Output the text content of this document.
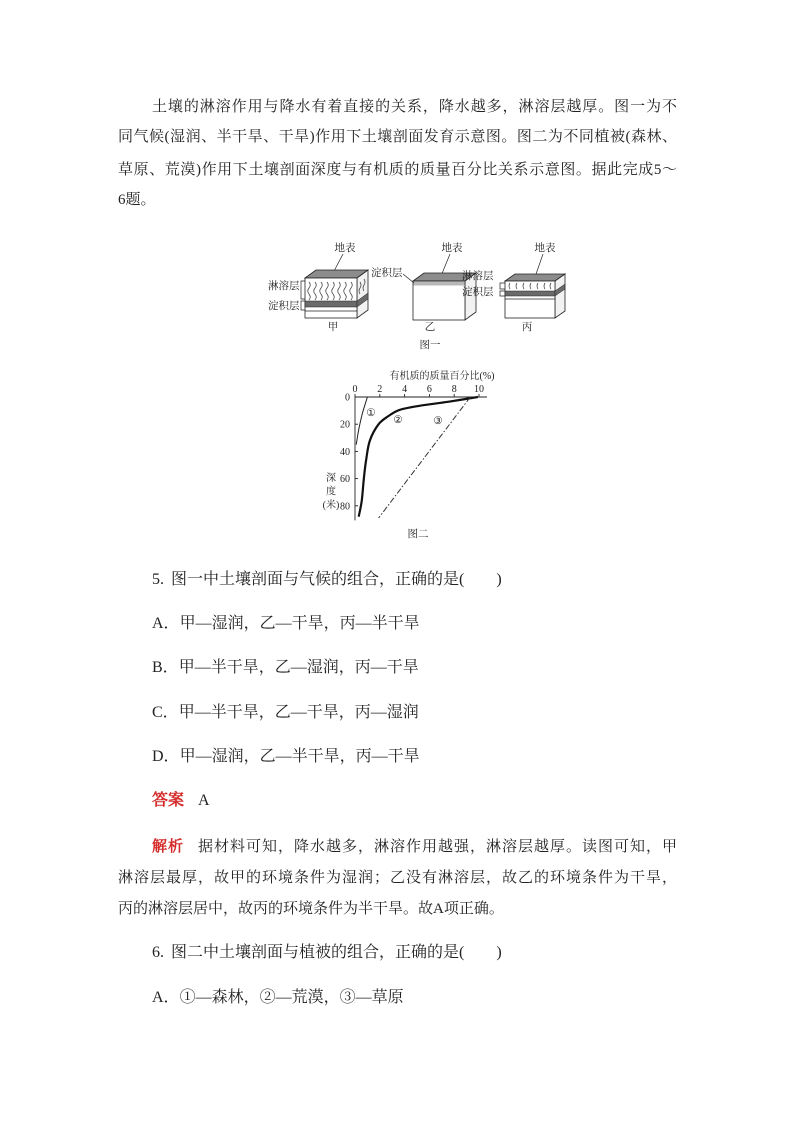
土壤的淋溶作用与降水有着直接的关系，降水越多，淋溶层越厚。图一为不
同气候(湿润、半干旱、干旱)作用下土壤剖面发育示意图。图二为不同植被(森林、
草原、荒漠)作用下土壤剖面深度与有机质的质量百分比关系示意图。据此完成5～
6题。
地表
淋溶层
淀积层
甲
地表
淀积层
乙
地表
淋溶层
淀积层
丙
图一
有机质的质量百分比(%)
0 2 4 6 8 10
0
20
40
60
80
深度(米)
①
②	③
图二
5. 图一中土壤剖面与气候的组合，正确的是(　　)
A．甲—湿润，乙—干旱，丙—半干旱
B．甲—半干旱，乙—湿润，丙—干旱
C．甲—半干旱，乙—干旱，丙—湿润
D．甲—湿润，乙—半干旱，丙—干旱
答案 A
解析 据材料可知，降水越多，淋溶作用越强，淋溶层越厚。读图可知，甲
淋溶层最厚，故甲的环境条件为湿润；乙没有淋溶层，故乙的环境条件为干旱，
丙的淋溶层居中，故丙的环境条件为半干旱。故A项正确。
6. 图二中土壤剖面与植被的组合，正确的是(　　)
A．①—森林，②—荒漠，③—草原
